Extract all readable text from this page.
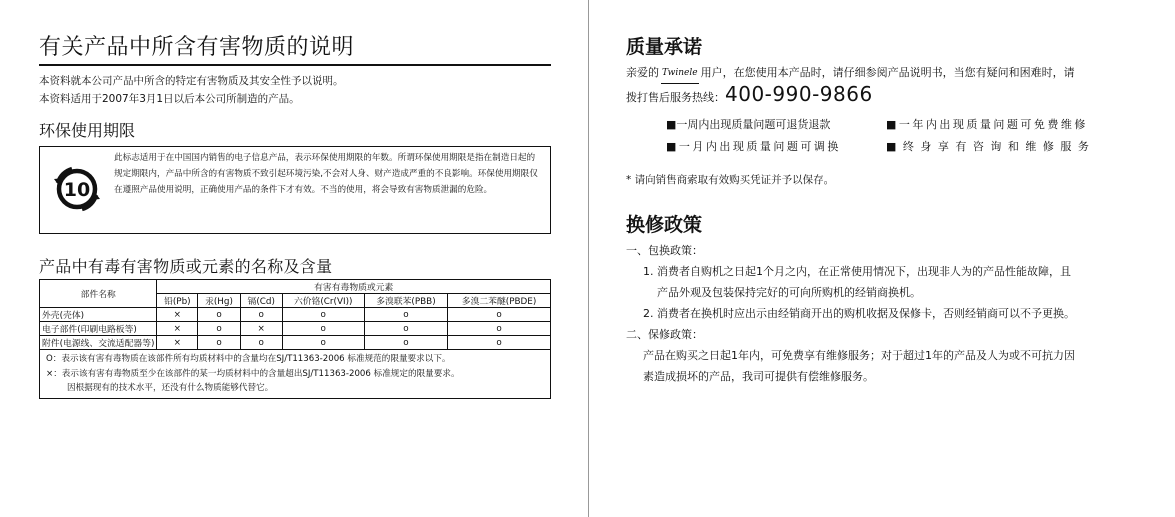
有关产品中所含有害物质的说明
本资料就本公司产品中所含的特定有害物质及其安全性予以说明。
本资料适用于2007年3月1日以后本公司所制造的产品。
环保使用期限
10
此标志适用于在中国国内销售的电子信息产品，表示环保使用期限的年数。所谓环保使用期限是指在制造日起的规定期限内，产品中所含的有害物质不致引起环境污染,不会对人身、财产造成严重的不良影响。环保使用期限仅在遵照产品使用说明，正确使用产品的条件下才有效。不当的使用，将会导致有害物质泄漏的危险。
产品中有毒有害物质或元素的名称及含量
部件名称	有害有毒物质或元素					
	铅(Pb)	汞(Hg)	镉(Cd)	六价铬(Cr(VI))	多溴联苯(PBB)	多溴二苯醚(PBDE)
外壳(壳体)	×	o	o	o	o	o
电子部件(印刷电路板等)	×	o	×	o	o	o
附件(电源线、交流适配器等)	×	o	o	o	o	o
O：表示该有害有毒物质在该部件所有均质材料中的含量均在SJ/T11363-2006 标准规范的限量要求以下。
×：表示该有害有毒物质至少在该部件的某一均质材料中的含量超出SJ/T11363-2006 标准规定的限量要求。
因根据现有的技术水平，还没有什么物质能够代替它。
质量承诺
亲爱的 Twinele 用户，在您使用本产品时，请仔细参阅产品说明书，当您有疑问和困难时，请
拨打售后服务热线：400-990-9866
■一周内出现质量问题可退货退款	■一年内出现质量问题可免费维修
■一月内出现质量问题可调换	■终身享有咨询和维修服务
* 请向销售商索取有效购买凭证并予以保存。
换修政策
一、包换政策：
1. 消费者自购机之日起1个月之内，在正常使用情况下，出现非人为的产品性能故障，且
产品外观及包装保持完好的可向所购机的经销商换机。
2. 消费者在换机时应出示由经销商开出的购机收据及保修卡，否则经销商可以不予更换。
二、保修政策：
产品在购买之日起1年内，可免费享有维修服务；对于超过1年的产品及人为或不可抗力因
素造成损坏的产品，我司可提供有偿维修服务。
